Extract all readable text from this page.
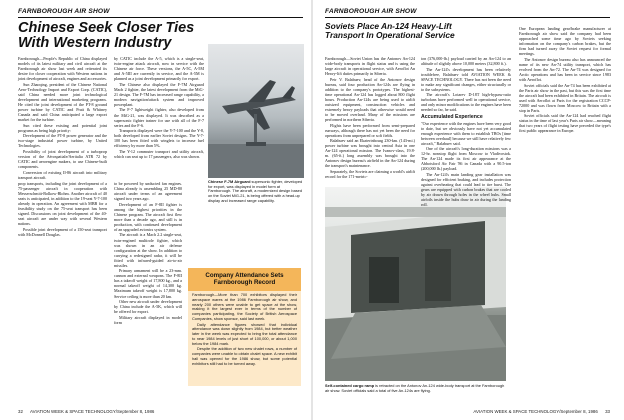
FARNBOROUGH AIR SHOW
Chinese Seek Closer Ties With Western Industry

Farnborough—People's Republic of China displayed models of its latest military and civil aircraft at the Farnborough air show last week and reiterated its desire for closer cooperation with Western nations in joint development of aircraft, engines and accessories.

Sun Zhaoqing, president of the Chinese National Aero-Technology Import and Export Corp. (CATIC), said China needed more joint technological development and international marketing programs. He cited the joint development of the PT-8 ground power turbine by CATIC and Pratt & Whitney Canada and said China anticipated a large export market for the turbine.

Sun cited these existing and potential joint programs as being high priority:

Development of the FT-8 power generator and the two-stage industrial power turbine, by United Technologies.

Possibility of joint development of a turboprop version of the Aérospatiale/Aeritalia ATR 72 by CATIC and aeroengine makers, to use Chinese-built components.

Conversion of existing II-86 aircraft into military transport aircraft.

by CATIC include the A-5, which is a single-seat, twin-engine attack aircraft, now in service with the Chinese air force. These versions, the A-5C, A-5M and A-5III are currently in service, and the A-5M is planned as a joint development primarily for export.

The Chinese also displayed the F-7M Airguard Mach 2 fighter, the latest development from the MiG-21 design. The F-7M has increased range capability, a modern navigation/attack system and improved powerplant.

The F-7 lightweight fighter, also developed from the MiG-21, was displayed. It was described as a supersonic fighter trainer for use with all of the F-7 series and the F-6.

Transports displayed were the Y-7-100 and the Y-8, both developed from earlier Soviet designs. The Y-7-100 has been fitted with winglets to increase fuel efficiency by more than 5%.

The Y-12 commuter transport and utility aircraft, which can seat up to 17 passengers, also was shown.

Chinese F-7M Airguard supersonic fighter, developed for export, was displayed in model form at Farnborough. The aircraft, a modernized design based on the Soviet MiG-21, is being offered with a head-up display and increased range capability.

prop transports, including the joint development of a 75-passenger aircraft in cooperation with Messerschmitt-Bolkow-Blohm. Another aircraft of 40 seats is anticipated, in addition to the 19-seat Y-7-100 already in operation. An agreement with MBB for a feasibility study on the 75-seat transport has been signed. Discussions on joint development of the 40-seat aircraft are under way with several Western nations.

Possible joint development of a 150-seat transport with McDonnell Douglas.

to be powered by unducted fan engines. China already is assembling 25 MD-80 aircraft under terms of an agreement signed two years ago.

Development of an F-8II fighter is among the highest priorities in the Chinese program. The aircraft first flew more than a decade ago, and still is in production, with continued development of an upgraded avionics system.

The aircraft is a Mach 2.2 single-seat, twin-engined multirole fighter, which was shown in an air defense configuration at the show. In addition to carrying a redesigned radar, it will be fitted with infrared-guided air-to-air missiles.

Primary armament will be a 23-mm. cannon and external weapons. The F-8II has a takeoff weight of 17,800 kg., and a normal takeoff weight of 14,300 kg. Maximum takeoff weight is 17,800 kg. Service ceiling is more than 20 km.

Other new aircraft under development by China include the A-5K, which will be offered for export.

Military aircraft displayed in model form

Company Attendance Sets Farnborough Record

Farnborough—More than 700 exhibitors displayed their aerospace wares at the 1986 Farnborough air show, and nearly 200 others were unable to get space at the show, making it the largest ever in terms of the number of companies participating, the Society of British Aerospace Companies, show sponsor, said last week.

Daily attendance figures showed that individual attendance was down slightly from 1984, but better weather later in the week was expected to bring the total attendance to near 1984 levels of just short of 100,000, or about 1,000 below the 1984 mark.

Despite the addition of two new chalet rows, a number of companies were unable to obtain chalet space. A new exhibit hall was opened for the 1986 show, but some potential exhibitors still had to be turned away.

32 AVIATION WEEK & SPACE TECHNOLOGY/September 8, 1986
FARNBOROUGH AIR SHOW
Soviets Place An-124 Heavy-Lift Transport In Operational Service

Farnborough—Soviet Union has the Antonov An-124 wide-body transports in flight status and is using the large aircraft in operational service, with Aeroflot An Heavy-lift duties primarily in Siberia.

Petr V. Balabuev, head of the Antonov design bureau, said four production An-124s are flying in addition to the company's prototypes. The highest-time operational An-124 has logged about 800 flight hours. Production An-124s are being used to airlift outsized equipment, construction vehicles and extremely heavy payloads that otherwise would need to be moved overland. Many of the missions are performed in northern Siberia.

Flights have been performed from semi-prepared runways, although there has not yet been the need for operations from unprepared or soft fields.

Balabuev said an Ekaterinbourg 230-km. (143-mi.) power turbine was brought into central Asia in one An-124 operational mission. The Ivanov-class, 19.8-m. (65-ft.) long assembly was brought into the Antonov design bureau's airfield in the An-124 during the transport's maintenance.

Separately, the Soviets are claiming a world's airlift record for the 171-metric-

Self-contained cargo ramp is retracted on the Antonov An-124 wide-body transport at the Farnborough air show. Soviet officials said a total of five An-124s are flying.

ton (376,000-lb.) payload carried by an An-124 to an altitude of slightly above 10,000 meters (32,800 ft.).

The An-124's development has been relatively troublefree, Balabuev told AVIATION WEEK & SPACE TECHNOLOGY. There has not been the need to make any significant changes, either structurally or to the subsystems.

The aircraft's Lotarev D-18T high-bypass-ratio turbofans have performed well in operational service, and only minor modifications to the engines have been needed so far, he said.

Accumulated Experience

"Our experience with the engines have been very good to date, but we obviously have not yet accumulated enough experience with them to establish TBOs [time between overhaul] because we still have relatively few aircraft," Balabuev said.

One of the aircraft's long-duration missions was a 12-hr. nonstop flight from Moscow to Vladivostok. The An-124 made its first air appearance at the Abbotsford Air Fair '86 in Canada with a 90.5-ton (200,000 lb.) payload.

The An-124's main landing gear installation was designed for efficient braking, and includes protection against overheating that could lead to tire burst. The gears are equipped with carbon brakes that are cooled by air drawn through holes in the wheel hubs. Small airfoils inside the hubs draw in air during the landing roll.

One European landing gear/brake manufacturer at Farnborough air show said the company had been approached some time ago by Soviets seeking information on the company's carbon brakes, but the firm had turned away the Soviet request for formal meetings.

The Antonov design bureau also has announced the name of its new An-74 utility transport, which has evolved from the An-72. The An-74 was designed for Arctic operations and has been in service since 1983 with Aeroflot.

Soviet officials said the An-74 has been exhibited at the Paris air show in the past, but this was the first time the aircraft had been exhibited in Britain. The aircraft is used with Aeroflot at Paris for the registration CCCP-72000 and was flown from Moscow to Britain with a stop in Paris.

Soviet officials said the An-124 had reached flight status in the time of last year's Paris air show—meaning that two years of flight testing have preceded the type's first public appearance in Europe.

AVIATION WEEK & SPACE TECHNOLOGY/September 8, 1986 33
